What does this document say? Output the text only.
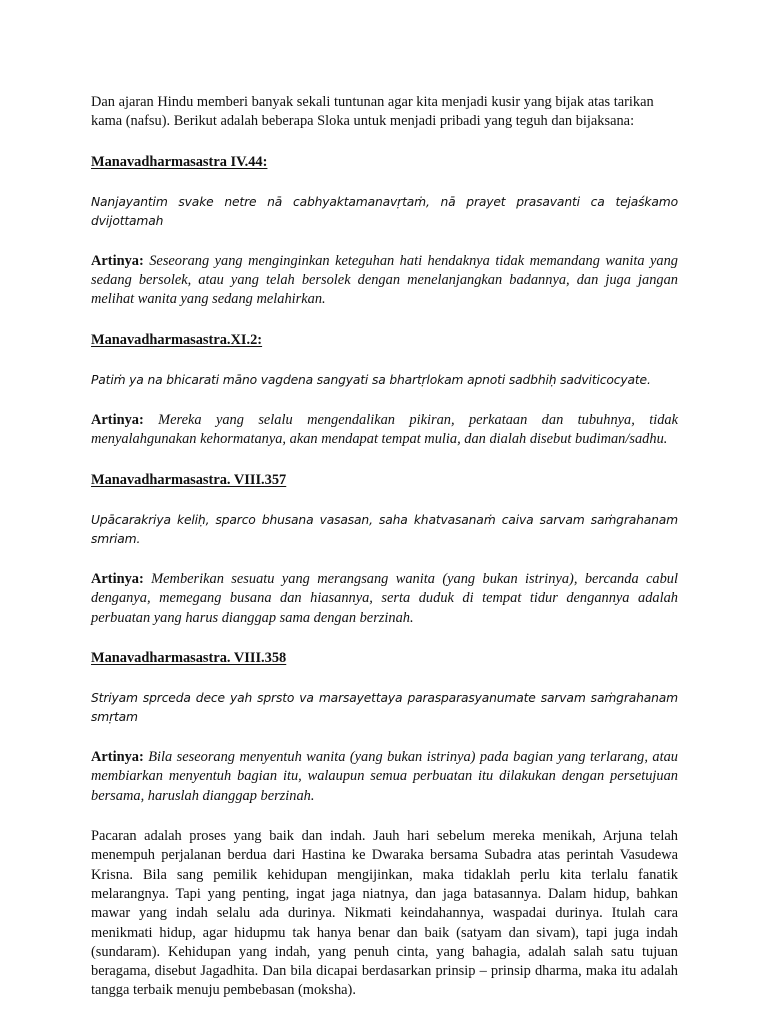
Dan ajaran Hindu memberi banyak sekali tuntunan agar kita menjadi kusir yang bijak atas tarikan kama (nafsu). Berikut adalah beberapa Sloka untuk menjadi pribadi yang teguh dan bijaksana:

Manavadharmasastra IV.44:

Nanjayantim svake netre nā cabhyaktamanavṛtaṁ, nā prayet prasavanti ca tejaśkamo dvijottamah

Artinya: Seseorang yang menginginkan keteguhan hati hendaknya tidak memandang wanita yang sedang bersolek, atau yang telah bersolek dengan menelanjangkan badannya, dan juga jangan melihat wanita yang sedang melahirkan.

Manavadharmasastra.XI.2:

Patiṁ ya na bhicarati māno vagdena sangyati sa bhartṛlokam apnoti sadbhiḥ sadviticocyate.

Artinya: Mereka yang selalu mengendalikan pikiran, perkataan dan tubuhnya, tidak menyalahgunakan kehormatanya, akan mendapat tempat mulia, dan dialah disebut budiman/sadhu.

Manavadharmasastra. VIII.357

Upācarakriya keliḥ, sparco bhusana vasasan, saha khatvasanaṁ caiva sarvam saṁgrahanam smriam.

Artinya: Memberikan sesuatu yang merangsang wanita (yang bukan istrinya), bercanda cabul denganya, memegang busana dan hiasannya, serta duduk di tempat tidur dengannya adalah perbuatan yang harus dianggap sama dengan berzinah.

Manavadharmasastra. VIII.358

Striyam sprceda dece yah sprsto va marsayettaya parasparasyanumate sarvam saṁgrahanam smṛtam

Artinya: Bila seseorang menyentuh wanita (yang bukan istrinya) pada bagian yang terlarang, atau membiarkan menyentuh bagian itu, walaupun semua perbuatan itu dilakukan dengan persetujuan bersama, haruslah dianggap berzinah.

Pacaran adalah proses yang baik dan indah. Jauh hari sebelum mereka menikah, Arjuna telah menempuh perjalanan berdua dari Hastina ke Dwaraka bersama Subadra atas perintah Vasudewa Krisna. Bila sang pemilik kehidupan mengijinkan, maka tidaklah perlu kita terlalu fanatik melarangnya. Tapi yang penting, ingat jaga niatnya, dan jaga batasannya. Dalam hidup, bahkan mawar yang indah selalu ada durinya. Nikmati keindahannya, waspadai durinya. Itulah cara menikmati hidup, agar hidupmu tak hanya benar dan baik (satyam dan sivam), tapi juga indah (sundaram). Kehidupan yang indah, yang penuh cinta, yang bahagia, adalah salah satu tujuan beragama, disebut Jagadhita. Dan bila dicapai berdasarkan prinsip – prinsip dharma, maka itu adalah tangga terbaik menuju pembebasan (moksha).
